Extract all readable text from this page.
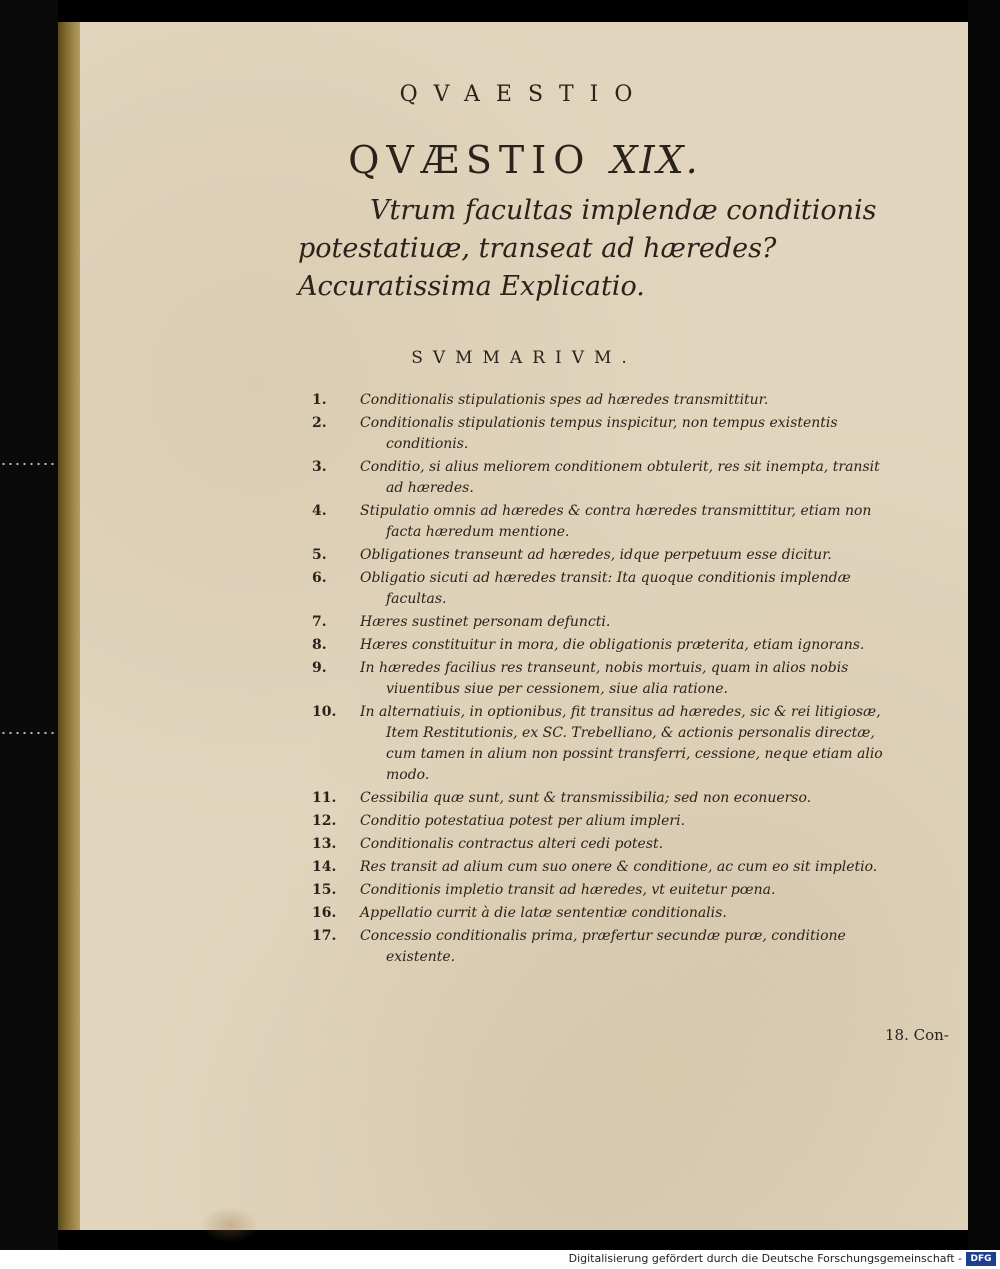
QVAESTIO
QVÆSTIO XIX.
Vtrum facultas implendæ conditionis potestatiuæ, transeat ad hæredes? Accuratissima Explicatio.
SVMMARIVM.
1. Conditionalis stipulationis spes ad hæredes transmittitur.
2. Conditionalis stipulationis tempus inspicitur, non tempus existentis conditionis.
3. Conditio, si alius meliorem conditionem obtulerit, res sit inempta, transit ad hæredes.
4. Stipulatio omnis ad hæredes & contra hæredes transmittitur, etiam non facta hæredum mentione.
5. Obligationes transeunt ad hæredes, idque perpetuum esse dicitur.
6. Obligatio sicuti ad hæredes transit: Ita quoque conditionis implendæ facultas.
7. Hæres sustinet personam defuncti.
8. Hæres constituitur in mora, die obligationis præterita, etiam ignorans.
9. In hæredes facilius res transeunt, nobis mortuis, quam in alios nobis viuentibus siue per cessionem, siue alia ratione.
10. In alternatiuis, in optionibus, fit transitus ad hæredes, sic & rei litigiosæ, Item Restitutionis, ex SC. Trebelliano, & actionis personalis directæ, cum tamen in alium non possint transferri, cessione, neque etiam alio modo.
11. Cessibilia quæ sunt, sunt & transmissibilia; sed non econuerso.
12. Conditio potestatiua potest per alium impleri.
13. Conditionalis contractus alteri cedi potest.
14. Res transit ad alium cum suo onere & conditione, ac cum eo sit impletio.
15. Conditionis impletio transit ad hæredes, vt euitetur pœna.
16. Appellatio currit à die latæ sententiæ conditionalis.
17. Concessio conditionalis prima, præfertur secundæ puræ, conditione existente.
18. Con-
Digitalisierung gefördert durch die Deutsche Forschungsgemeinschaft - DFG
